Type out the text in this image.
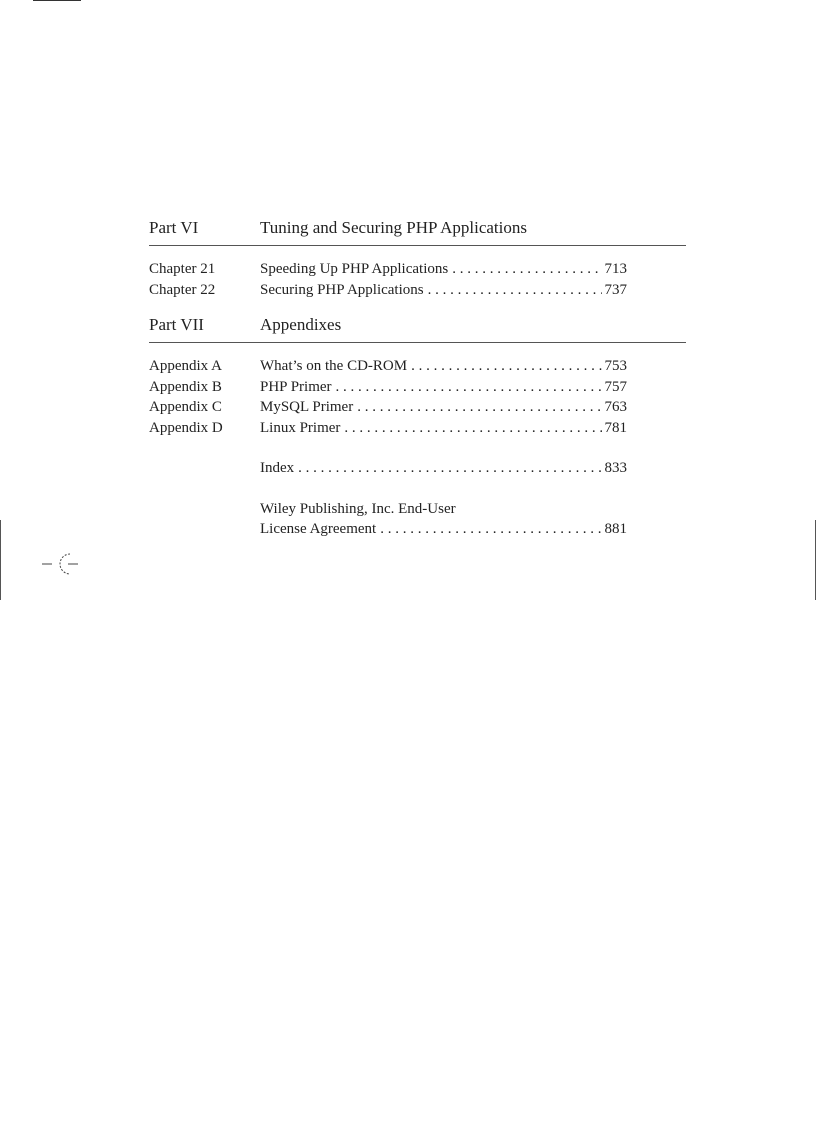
Part VI	Tuning and Securing PHP Applications
Chapter 21	Speeding Up PHP Applications . . .	713
Chapter 22	Securing PHP Applications . . .	737
Part VII	Appendixes
Appendix A	What’s on the CD-ROM . . .	753
Appendix B	PHP Primer . . .	757
Appendix C	MySQL Primer . . .	763
Appendix D	Linux Primer . . .	781
Index . . .	833
Wiley Publishing, Inc. End-User
License Agreement . . .	881
